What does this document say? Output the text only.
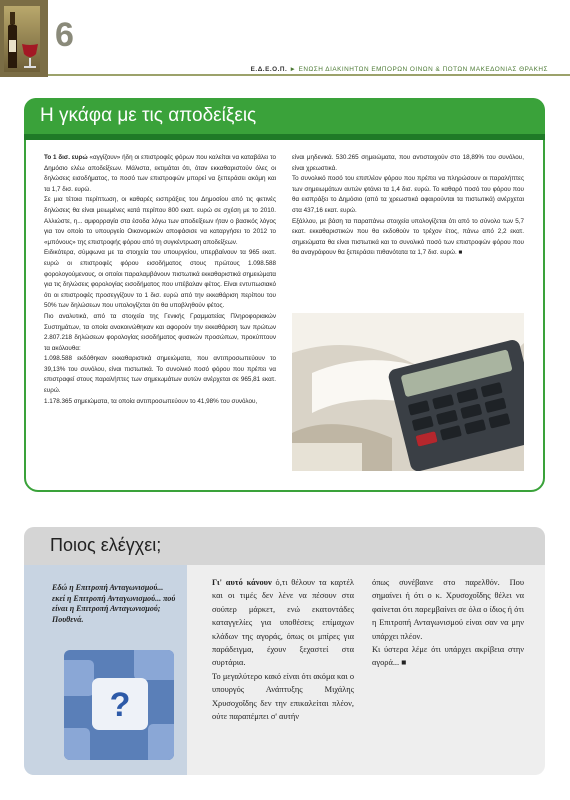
6
Ε.Δ.Ε.Ο.Π. ► ΕΝΩΣΗ ΔΙΑΚΙΝΗΤΩΝ ΕΜΠΟΡΩΝ ΟΙΝΩΝ & ΠΟΤΩΝ ΜΑΚΕΔΟΝΙΑΣ ΘΡΑΚΗΣ
Η γκάφα με τις αποδείξεις

Το 1 δισ. ευρώ «αγγίζουν» ήδη οι επιστροφές φόρων που καλείται να καταβάλει το Δημόσιο ελέω αποδείξεων. Μάλιστα, εκτιμάται ότι, όταν εκκαθαριστούν όλες οι δηλώσεις εισοδήματος, το ποσό των επιστροφών μπορεί να ξεπεράσει ακόμη και τα 1,7 δισ. ευρώ.

Σε μια τέτοια περίπτωση, οι καθαρές εισπράξεις του Δημοσίου από τις φετινές δηλώσεις θα είναι μειωμένες κατά περίπου 800 εκατ. ευρώ σε σχέση με το 2010. Αλλιώστε, η... αμφορραγία στα έσοδα λόγω των αποδείξεων ήταν ο βασικός λόγος για τον οποίο το υπουργείο Οικονομικών αποφάσισε να καταργήσει το 2012 το «μπόνους» της επιστροφής φόρου από τη συγκέντρωση αποδείξεων.

Ειδικότερα, σύμφωνα με τα στοιχεία του υπουργείου, υπερβαίνουν τα 965 εκατ. ευρώ οι επιστροφές φόρου εισοδήματος στους πρώτους 1.098.588 φορολογούμενους, οι οποίοι παραλαμβάνουν πιστωτικά εκκαθαριστικά σημειώματα για τις δηλώσεις φορολογίας εισοδήματος που υπέβαλαν φέτος. Είναι εντυπωσιακό ότι οι επιστροφές προσεγγίζουν το 1 δισ. ευρώ από την εκκαθάριση περίπου του 50% των δηλώσεων που υπολογίζεται ότι θα υποβληθούν φέτος.

Πιο αναλυτικά, από τα στοιχεία της Γενικής Γραμματείας Πληροφοριακών Συστημάτων, τα οποία ανακοινώθηκαν και αφορούν την εκκαθάριση των πρώτων 2.807.218 δηλώσεων φορολογίας εισοδήματος φυσικών προσώπων, προκύπτουν τα ακόλουθα:

1.098.588 εκδόθηκαν εκκαθαριστικά σημειώματα, που αντιπροσωπεύουν το 39,13% του συνόλου, είναι πιστωτικά. Το συνολικό ποσό φόρου που πρέπει να επιστραφεί στους παραλήπτες των σημειωμάτων αυτών ανέρχεται σε 965,81 εκατ. ευρώ.

1.178.365 σημειώματα, τα οποία αντιπροσωπεύουν το 41,98% του συνόλου,

είναι μηδενικά. 530.265 σημειώματα, που αντιστοιχούν στο 18,89% του συνόλου, είναι χρεωστικά.

Το συνολικό ποσό του επιπλέον φόρου που πρέπει να πληρώσουν οι παραλήπτες των σημειωμάτων αυτών φτάνει τα 1,4 δισ. ευρώ. Το καθαρό ποσό του φόρου που θα εισπράξει το Δημόσιο (από τα χρεωστικά αφαιρούνται τα πιστωτικά) ανέρχεται στα 437,16 εκατ. ευρώ.

Εξάλλου, με βάση τα παραπάνω στοιχεία υπολογίζεται ότι από το σύνολο των 5,7 εκατ. εκκαθαριστικών που θα εκδοθούν το τρέχον έτος, πάνω από 2,2 εκατ. σημειώματα θα είναι πιστωτικά και το συνολικό ποσό των επιστροφών φόρου που θα αναγράφουν θα ξεπεράσει πιθανότατα τα 1,7 δισ. ευρώ. ■

Ποιος ελέγχει;
Εδώ η Επιτροπή Ανταγωνισμού... εκεί η Επιτροπή Ανταγωνισμού... πού είναι η Επιτροπή Ανταγωνισμού; Πουθενά.
?

Γι' αυτό κάνουν ό,τι θέλουν τα καρτέλ και οι τιμές δεν λένε να πέσουν στα σούπερ μάρκετ, ενώ εκατοντάδες καταγγελίες για υποθέσεις επίμαχων κλάδων της αγοράς, όπως οι μπίρες για παράδειγμα, έχουν ξεχαστεί στα συρτάρια.

Το μεγαλύτερο κακό είναι ότι ακόμα και ο υπουργός Ανάπτυξης Μιχάλης Χρυσοχοΐδης δεν την επικαλείται πλέον, ούτε παραπέμπει σ' αυτήν

όπως συνέβαινε στο παρελθόν. Που σημαίνει ή ότι ο κ. Χρυσοχοΐδης θέλει να φαίνεται ότι παρεμβαίνει σε όλα ο ίδιος ή ότι η Επιτροπή Ανταγωνισμού είναι σαν να μην υπάρχει πλέον.

Κι ύστερα λέμε ότι υπάρχει ακρίβεια στην αγορά... ■
